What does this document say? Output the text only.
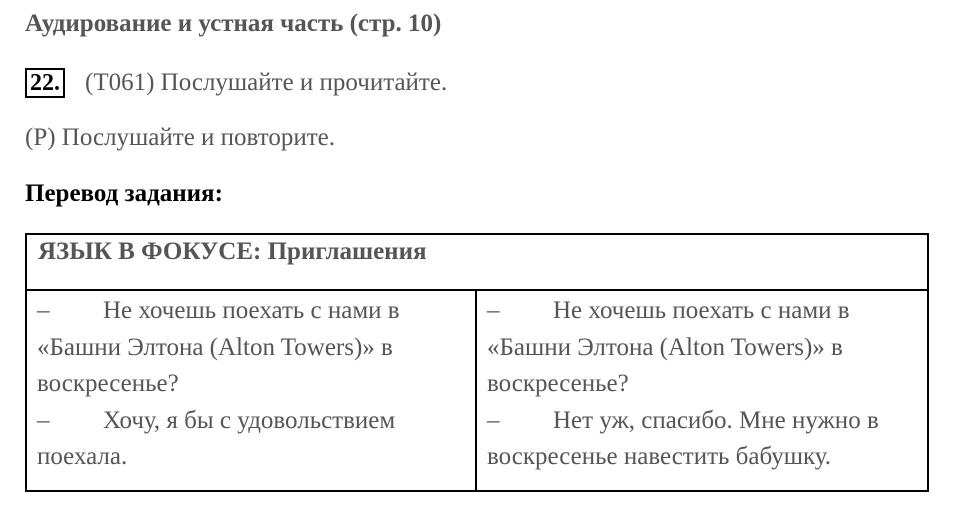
Аудирование и устная часть (стр. 10)
22. (T061) Послушайте и прочитайте.
(P) Послушайте и повторите.
Перевод задания:
ЯЗЫК В ФОКУСЕ: Приглашения
– Не хочешь поехать с нами в
«Башни Элтона (Alton Towers)» в
воскресенье?
– Хочу, я бы с удовольствием
поехала.
– Не хочешь поехать с нами в
«Башни Элтона (Alton Towers)» в
воскресенье?
– Нет уж, спасибо. Мне нужно в
воскресенье навестить бабушку.
